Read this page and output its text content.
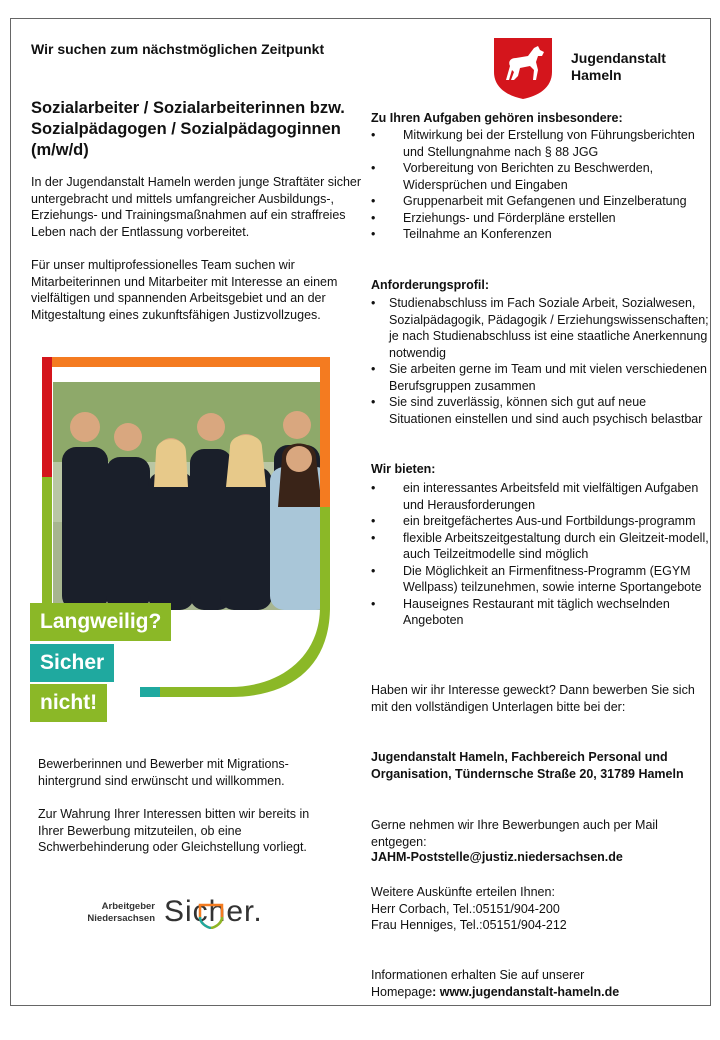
Wir suchen zum nächstmöglichen Zeitpunkt
Sozialarbeiter / Sozialarbeiterinnen bzw. Sozialpädagogen / Sozialpädagoginnen (m/w/d)
In der Jugendanstalt Hameln werden junge Straftäter sicher untergebracht und mittels umfangreicher Ausbildungs-, Erziehungs- und Trainingsmaßnahmen auf ein straffreies Leben nach der Entlassung vorbereitet.
Für unser multiprofessionelles Team suchen wir Mitarbeiterinnen und Mitarbeiter mit Interesse an einem vielfältigen und spannenden Arbeitsgebiet und an der Mitgestaltung eines zukunftsfähigen Justizvollzuges.
Jugendanstalt
Hameln
Langweilig?
Sicher
nicht!
Bewerberinnen und Bewerber mit Migrations-hintergrund sind erwünscht und willkommen.
Zur Wahrung Ihrer Interessen bitten wir bereits in Ihrer Bewerbung mitzuteilen, ob eine Schwerbehinderung oder Gleichstellung vorliegt.
Arbeitgeber
Niedersachsen Sicher.
Zu Ihren Aufgaben gehören insbesondere:
• Mitwirkung bei der Erstellung von Führungsberichten und Stellungnahme nach § 88 JGG
• Vorbereitung von Berichten zu Beschwerden, Widersprüchen und Eingaben
• Gruppenarbeit mit Gefangenen und Einzelberatung
• Erziehungs- und Förderpläne erstellen
• Teilnahme an Konferenzen
Anforderungsprofil:
• Studienabschluss im Fach Soziale Arbeit, Sozialwesen, Sozialpädagogik, Pädagogik / Erziehungswissenschaften; je nach Studienabschluss ist eine staatliche Anerkennung notwendig
• Sie arbeiten gerne im Team und mit vielen verschiedenen Berufsgruppen zusammen
• Sie sind zuverlässig, können sich gut auf neue Situationen einstellen und sind auch psychisch belastbar
Wir bieten:
• ein interessantes Arbeitsfeld mit vielfältigen Aufgaben und Herausforderungen
• ein breitgefächertes Aus-und Fortbildungs-programm
• flexible Arbeitszeitgestaltung durch ein Gleitzeit-modell, auch Teilzeitmodelle sind möglich
• Die Möglichkeit an Firmenfitness-Programm (EGYM Wellpass) teilzunehmen, sowie interne Sportangebote
• Hauseignes Restaurant mit täglich wechselnden Angeboten
Haben wir ihr Interesse geweckt? Dann bewerben Sie sich mit den vollständigen Unterlagen bitte bei der:
Jugendanstalt Hameln, Fachbereich Personal und Organisation, Tündernsche Straße 20, 31789 Hameln
Gerne nehmen wir Ihre Bewerbungen auch per Mail entgegen:
JAHM-Poststelle@justiz.niedersachsen.de
Weitere Auskünfte erteilen Ihnen:
Herr Corbach, Tel.:05151/904-200
Frau Henniges, Tel.:05151/904-212
Informationen erhalten Sie auf unserer
Homepage: www.jugendanstalt-hameln.de
